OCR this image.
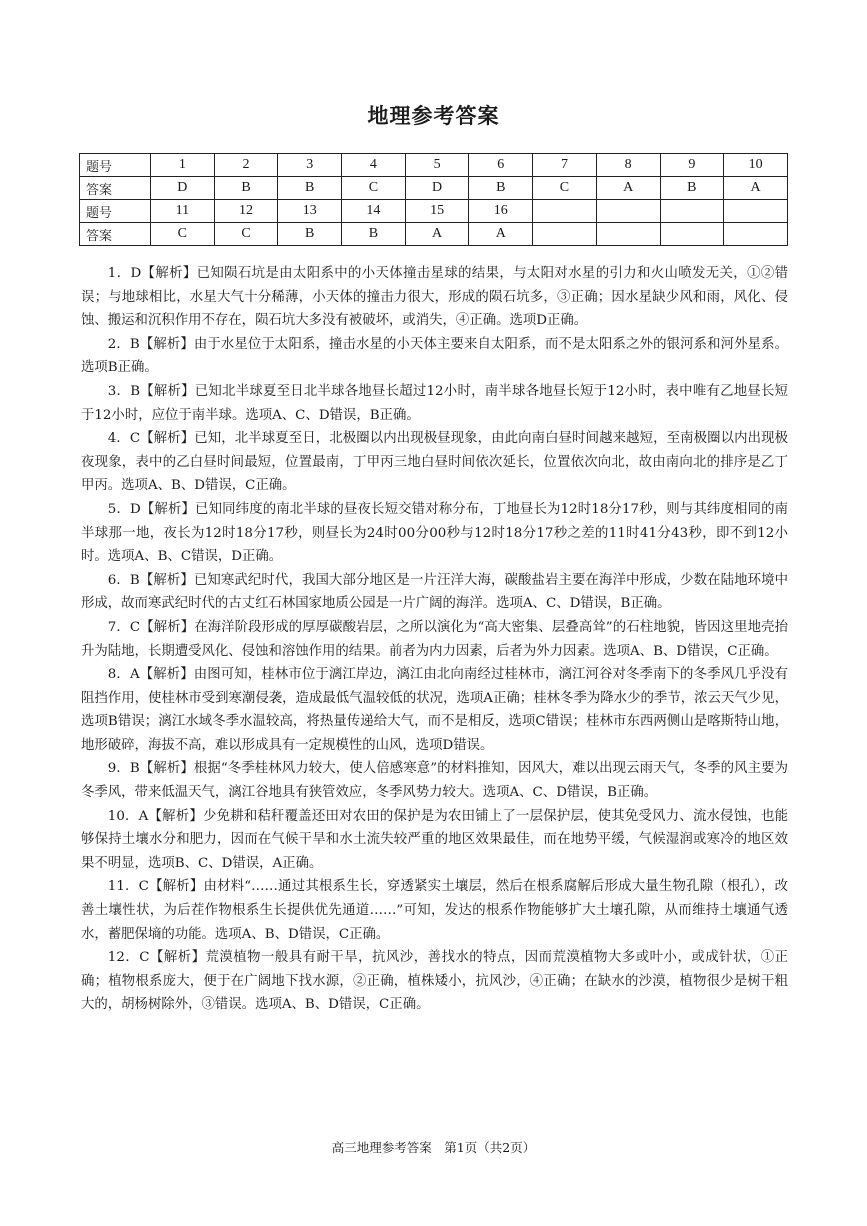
地理参考答案
题号	1	2	3	4	5	6	7	8	9	10
答案	D	B	B	C	D	B	C	A	B	A
题号	11	12	13	14	15	16				
答案	C	C	B	B	A	A				

1．D【解析】已知陨石坑是由太阳系中的小天体撞击星球的结果，与太阳对水星的引力和火山喷发无关，①②错误；与地球相比，水星大气十分稀薄，小天体的撞击力很大，形成的陨石坑多，③正确；因水星缺少风和雨，风化、侵蚀、搬运和沉积作用不存在，陨石坑大多没有被破坏，或消失，④正确。选项D正确。

2．B【解析】由于水星位于太阳系，撞击水星的小天体主要来自太阳系，而不是太阳系之外的银河系和河外星系。选项B正确。

3．B【解析】已知北半球夏至日北半球各地昼长超过12小时，南半球各地昼长短于12小时，表中唯有乙地昼长短于12小时，应位于南半球。选项A、C、D错误，B正确。

4．C【解析】已知，北半球夏至日，北极圈以内出现极昼现象，由此向南白昼时间越来越短，至南极圈以内出现极夜现象，表中的乙白昼时间最短，位置最南，丁甲丙三地白昼时间依次延长，位置依次向北，故由南向北的排序是乙丁甲丙。选项A、B、D错误，C正确。

5．D【解析】已知同纬度的南北半球的昼夜长短交错对称分布，丁地昼长为12时18分17秒，则与其纬度相同的南半球那一地，夜长为12时18分17秒，则昼长为24时00分00秒与12时18分17秒之差的11时41分43秒，即不到12小时。选项A、B、C错误，D正确。

6．B【解析】已知寒武纪时代，我国大部分地区是一片汪洋大海，碳酸盐岩主要在海洋中形成，少数在陆地环境中形成，故而寒武纪时代的古丈红石林国家地质公园是一片广阔的海洋。选项A、C、D错误，B正确。

7．C【解析】在海洋阶段形成的厚厚碳酸岩层，之所以演化为“高大密集、层叠高耸”的石柱地貌，皆因这里地壳抬升为陆地，长期遭受风化、侵蚀和溶蚀作用的结果。前者为内力因素，后者为外力因素。选项A、B、D错误，C正确。

8．A【解析】由图可知，桂林市位于漓江岸边，漓江由北向南经过桂林市，漓江河谷对冬季南下的冬季风几乎没有阻挡作用，使桂林市受到寒潮侵袭，造成最低气温较低的状况，选项A正确；桂林冬季为降水少的季节，浓云天气少见，选项B错误；漓江水域冬季水温较高，将热量传递给大气，而不是相反，选项C错误；桂林市东西两侧山是喀斯特山地，地形破碎，海拔不高，难以形成具有一定规模性的山风，选项D错误。

9．B【解析】根据“冬季桂林风力较大，使人倍感寒意”的材料推知，因风大，难以出现云雨天气，冬季的风主要为冬季风，带来低温天气，漓江谷地具有狭管效应，冬季风势力较大。选项A、C、D错误，B正确。

10．A【解析】少免耕和秸秆覆盖还田对农田的保护是为农田铺上了一层保护层，使其免受风力、流水侵蚀，也能够保持土壤水分和肥力，因而在气候干旱和水土流失较严重的地区效果最佳，而在地势平缓，气候湿润或寒冷的地区效果不明显，选项B、C、D错误，A正确。

11．C【解析】由材料“……通过其根系生长，穿透紧实土壤层，然后在根系腐解后形成大量生物孔隙（根孔），改善土壤性状，为后茬作物根系生长提供优先通道……”可知，发达的根系作物能够扩大土壤孔隙，从而维持土壤通气透水，蓄肥保墒的功能。选项A、B、D错误，C正确。

12．C【解析】荒漠植物一般具有耐干旱，抗风沙，善找水的特点，因而荒漠植物大多或叶小，或成针状，①正确；植物根系庞大，便于在广阔地下找水源，②正确，植株矮小，抗风沙，④正确；在缺水的沙漠，植物很少是树干粗大的，胡杨树除外，③错误。选项A、B、D错误，C正确。

高三地理参考答案　第1页（共2页）
